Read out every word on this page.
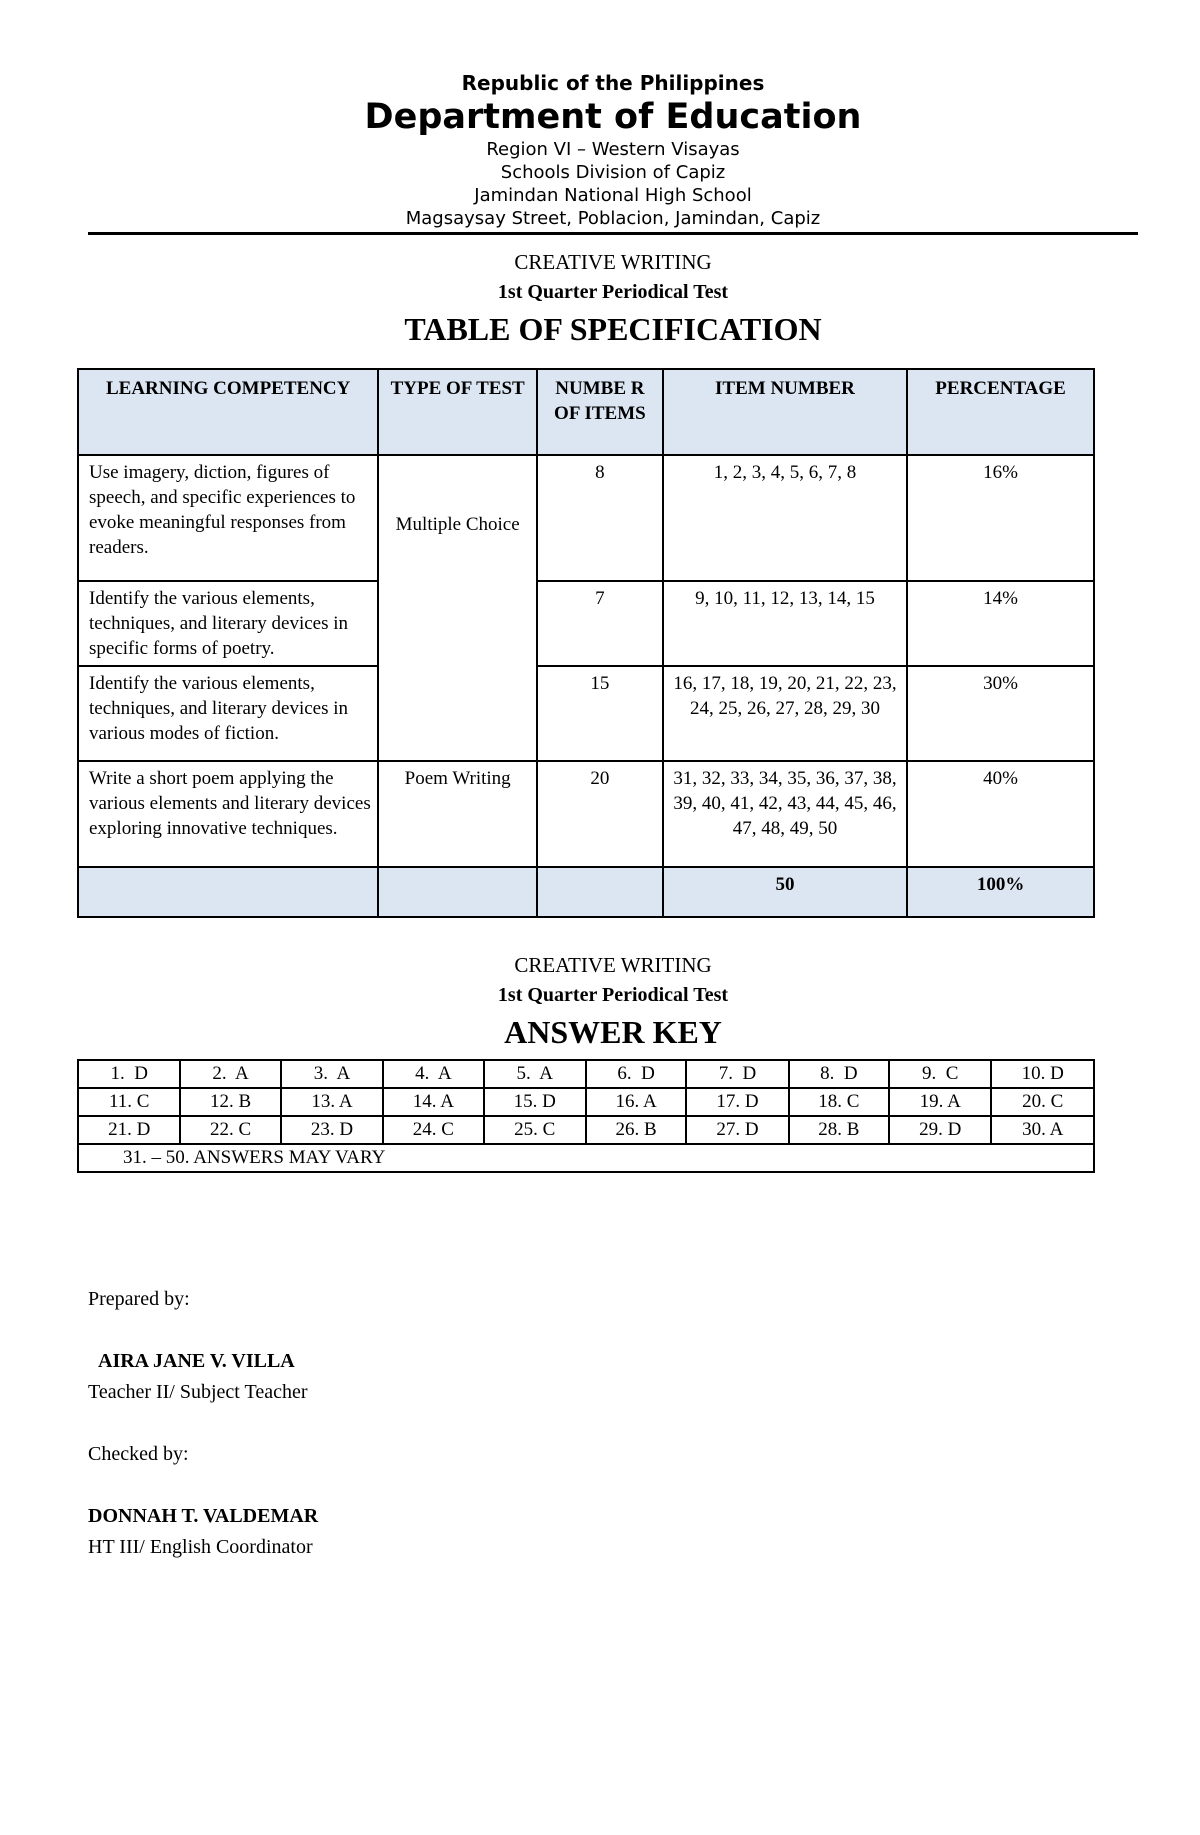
Republic of the Philippines
Department of Education
Region VI – Western Visayas
Schools Division of Capiz
Jamindan National High School
Magsaysay Street, Poblacion, Jamindan, Capiz
CREATIVE WRITING
1st Quarter Periodical Test
TABLE OF SPECIFICATION
LEARNING COMPETENCY	TYPE OF TEST	NUMBE R OF ITEMS	ITEM NUMBER	PERCENTAGE
Use imagery, diction, figures of speech, and specific experiences to evoke meaningful responses from readers.	Multiple Choice	8	1, 2, 3, 4, 5, 6, 7, 8	16%
Identify the various elements, techniques, and literary devices in specific forms of poetry.		7	9, 10, 11, 12, 13, 14, 15	14%
Identify the various elements, techniques, and literary devices in various modes of fiction.		15	16, 17, 18, 19, 20, 21, 22, 23, 24, 25, 26, 27, 28, 29, 30	30%
Write a short poem applying the various elements and literary devices exploring innovative techniques.	Poem Writing	20	31, 32, 33, 34, 35, 36, 37, 38, 39, 40, 41, 42, 43, 44, 45, 46, 47, 48, 49, 50	40%
			50	100%
CREATIVE WRITING
1st Quarter Periodical Test
ANSWER KEY
1.  D	2.  A	3.  A	4.  A	5.  A	6.  D	7.  D	8.  D	9.  C	10. D
11. C	12. B	13. A	14. A	15. D	16. A	17. D	18. C	19. A	20. C
21. D	22. C	23. D	24. C	25. C	26. B	27. D	28. B	29. D	30. A
31. – 50. ANSWERS MAY VARY									
Prepared by:
AIRA JANE V. VILLA
Teacher II/ Subject Teacher
Checked by:
DONNAH T. VALDEMAR
HT III/ English Coordinator
